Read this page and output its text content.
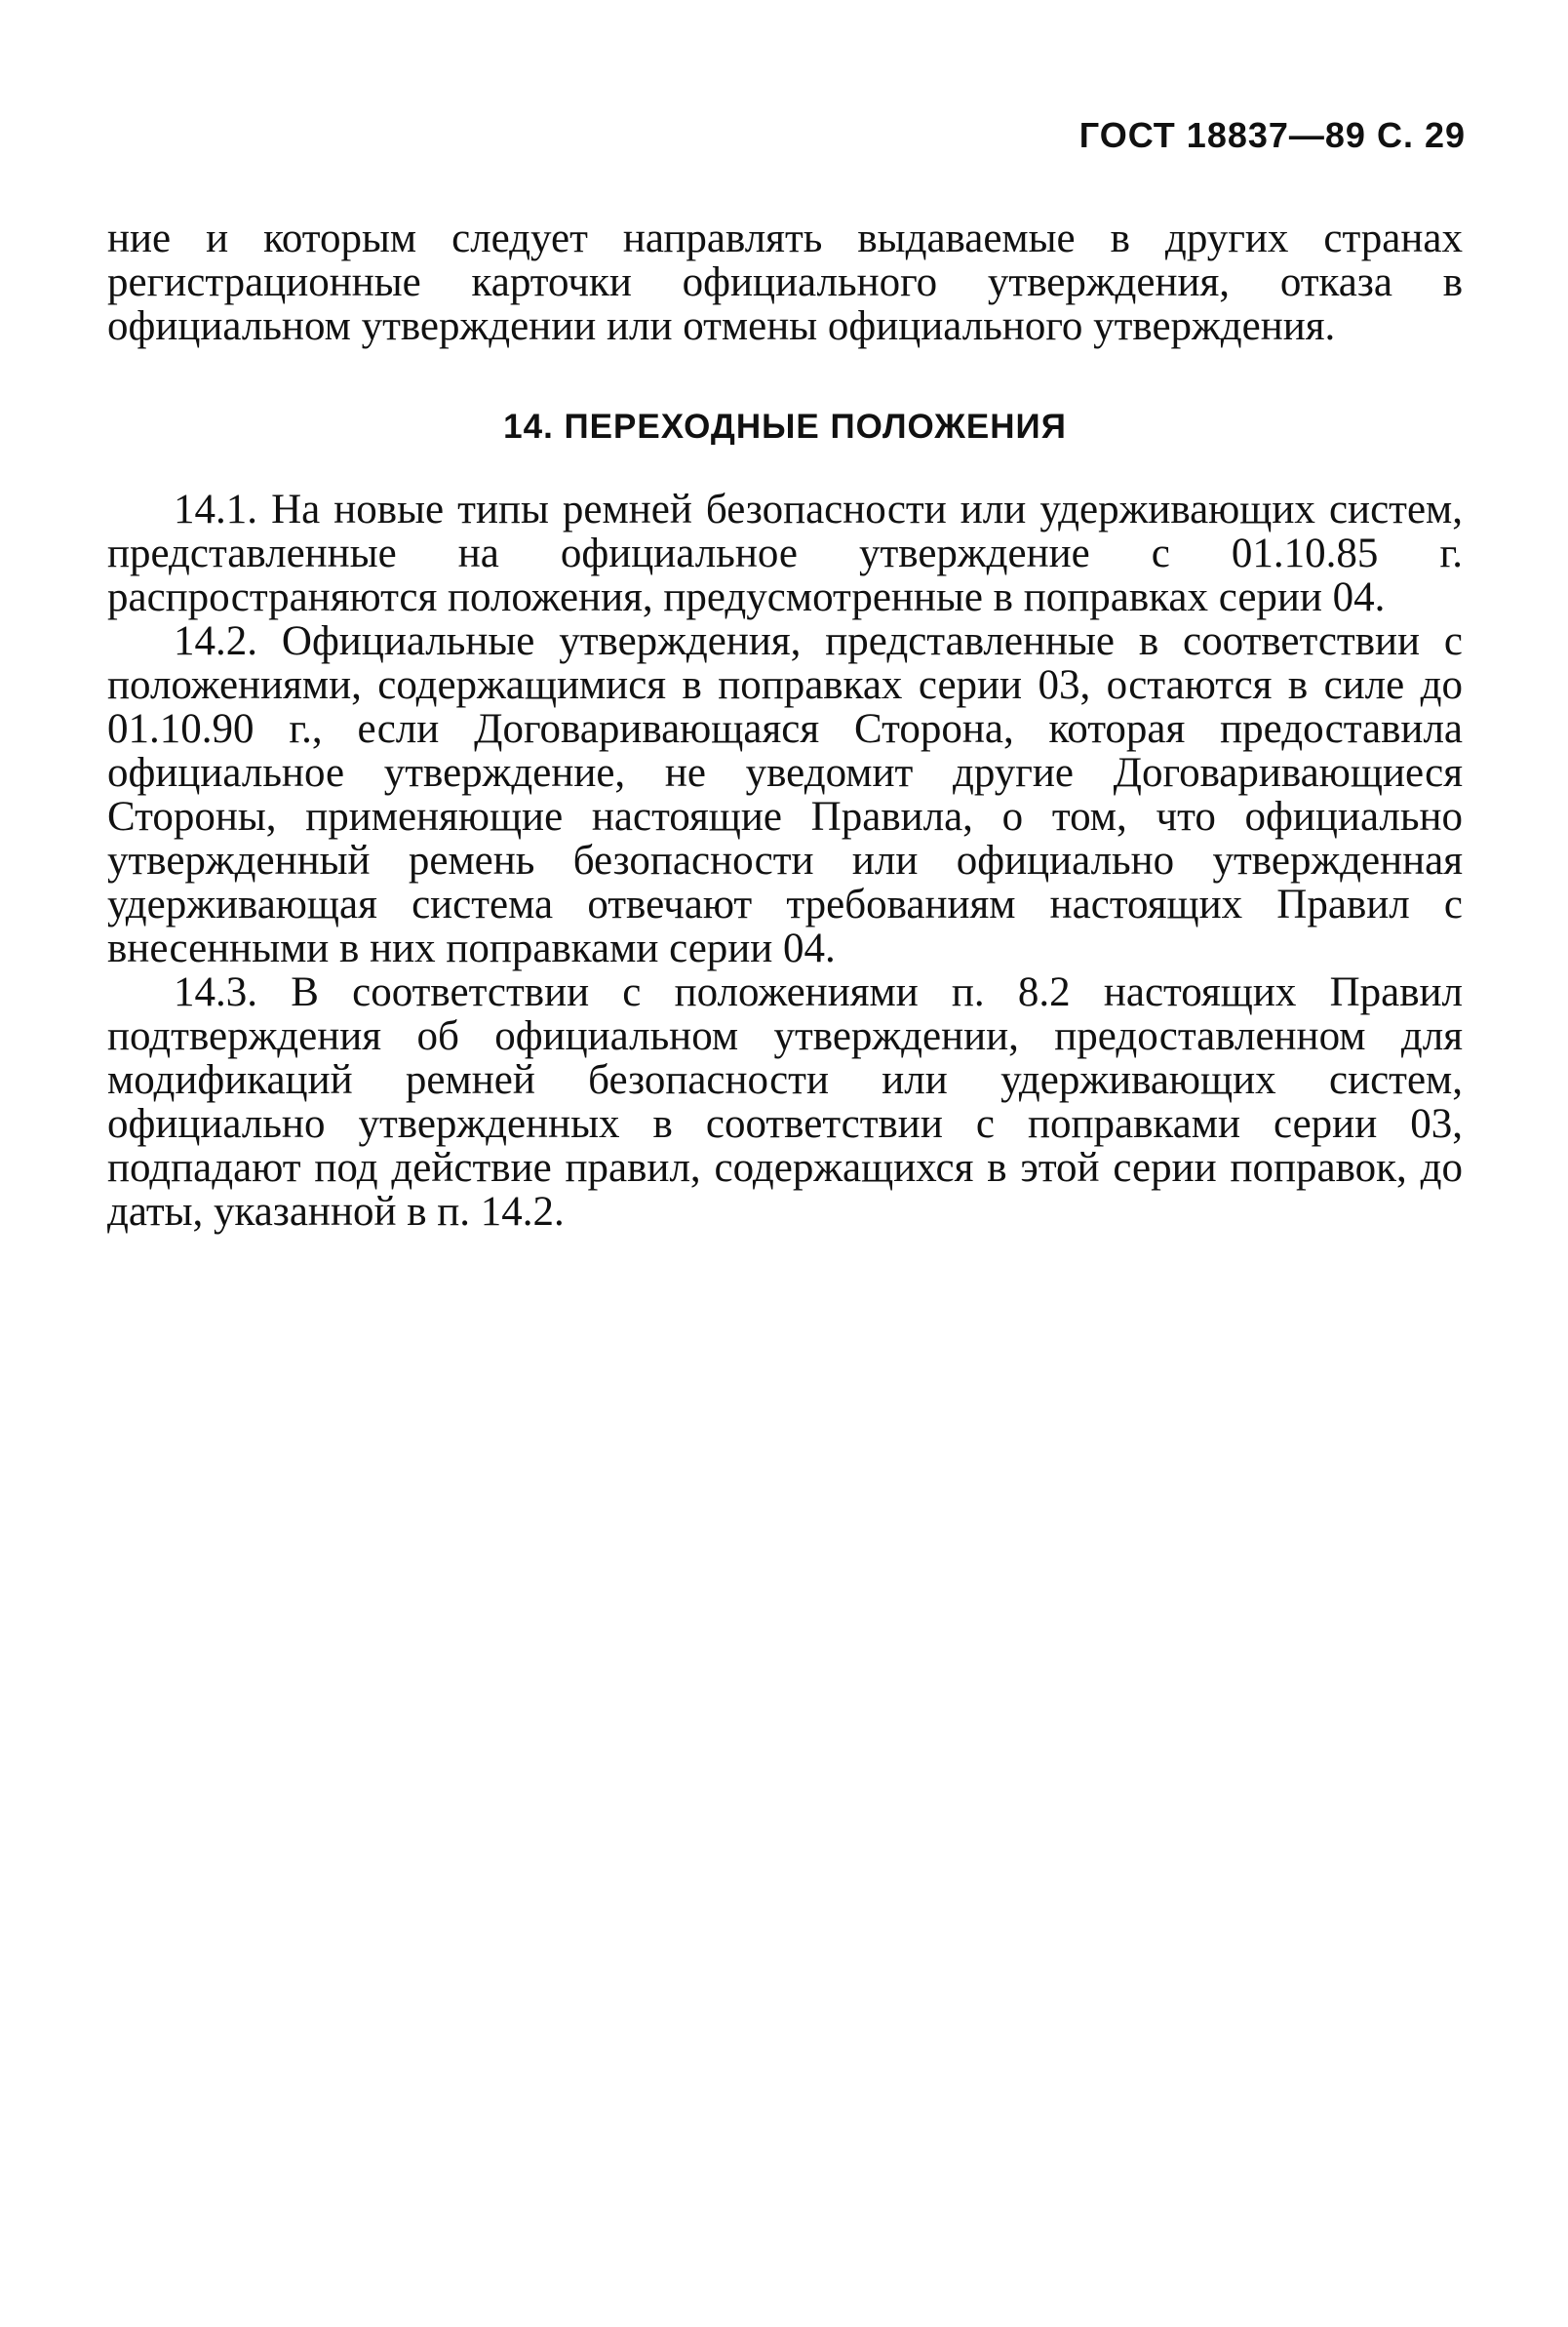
ГОСТ 18837—89 С. 29

ние и которым следует направлять выдаваемые в других странах регистрационные карточки официального утверждения, отказа в официальном утверждении или отмены официального утверждения.

14. ПЕРЕХОДНЫЕ ПОЛОЖЕНИЯ

14.1. На новые типы ремней безопасности или удерживающих систем, представленные на официальное утверждение с 01.10.85 г. распространяются положения, предусмотренные в поправках серии 04.

14.2. Официальные утверждения, представленные в соответствии с положениями, содержащимися в поправках серии 03, остаются в силе до 01.10.90 г., если Договаривающаяся Сторона, которая предоставила официальное утверждение, не уведомит другие Договаривающиеся Стороны, применяющие настоящие Правила, о том, что официально утвержденный ремень безопасности или официально утвержденная удерживающая система отвечают требованиям настоящих Правил с внесенными в них поправками серии 04.

14.3. В соответствии с положениями п. 8.2 настоящих Правил подтверждения об официальном утверждении, предоставленном для модификаций ремней безопасности или удерживающих систем, официально утвержденных в соответствии с поправками серии 03, подпадают под действие правил, содержащихся в этой серии поправок, до даты, указанной в п. 14.2.
